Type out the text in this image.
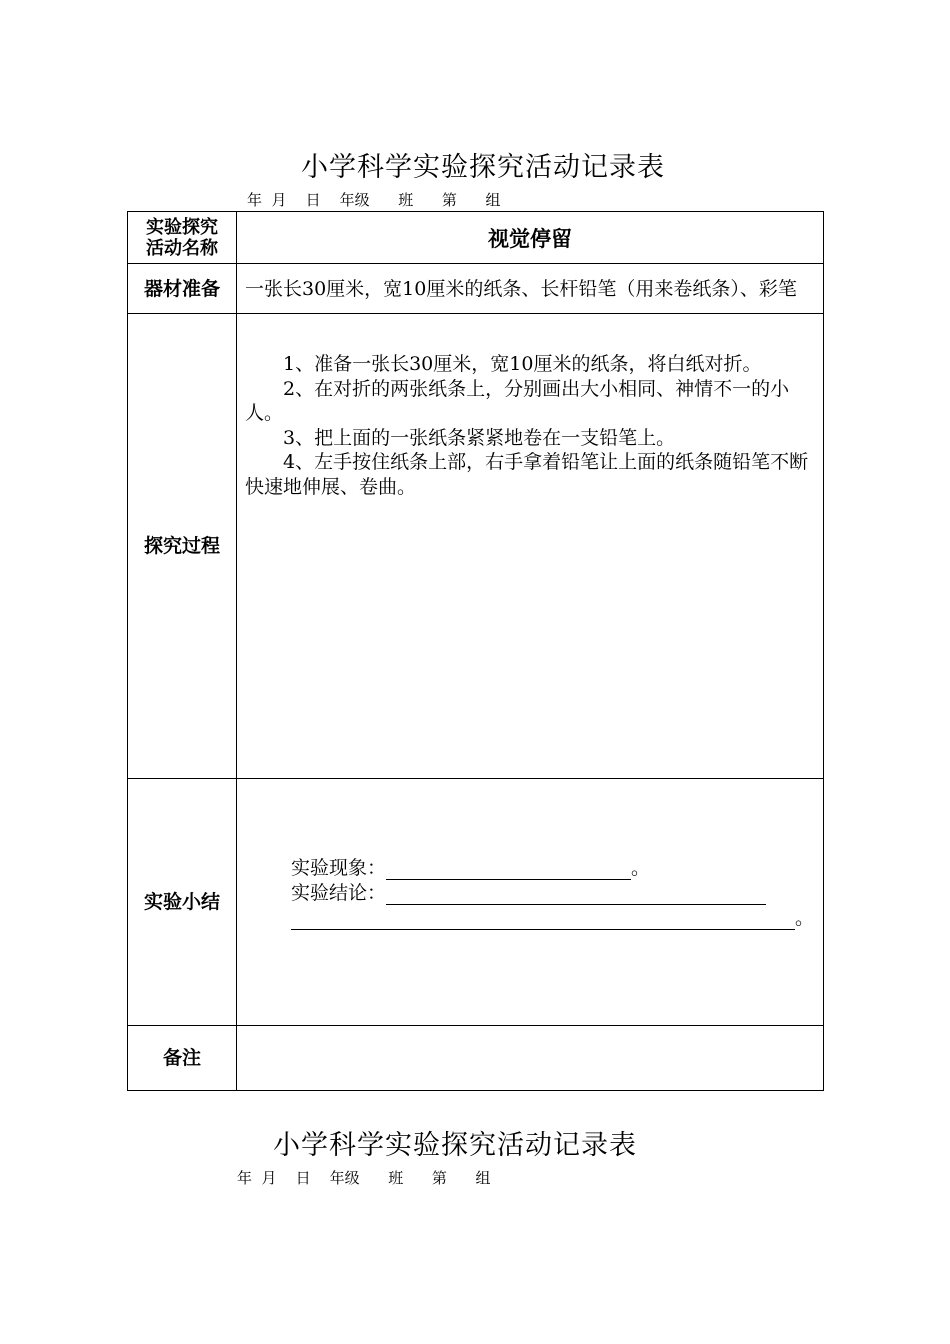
小学科学实验探究活动记录表
年  月    日    年级      班      第      组
实验探究
活动名称	视觉停留
器材准备	一张长30厘米，宽10厘米的纸条、长杆铅笔（用来卷纸条）、彩笔
探究过程	1、准备一张长30厘米，宽10厘米的纸条，将白纸对折。

2、在对折的两张纸条上，分别画出大小相同、神情不一的小人。

3、把上面的一张纸条紧紧地卷在一支铅笔上。

4、左手按住纸条上部，右手拿着铅笔让上面的纸条随铅笔不断快速地伸展、卷曲。

实验小结	实验现象： 。
实验结论：
。

备注	
小学科学实验探究活动记录表
年  月    日    年级      班      第      组
